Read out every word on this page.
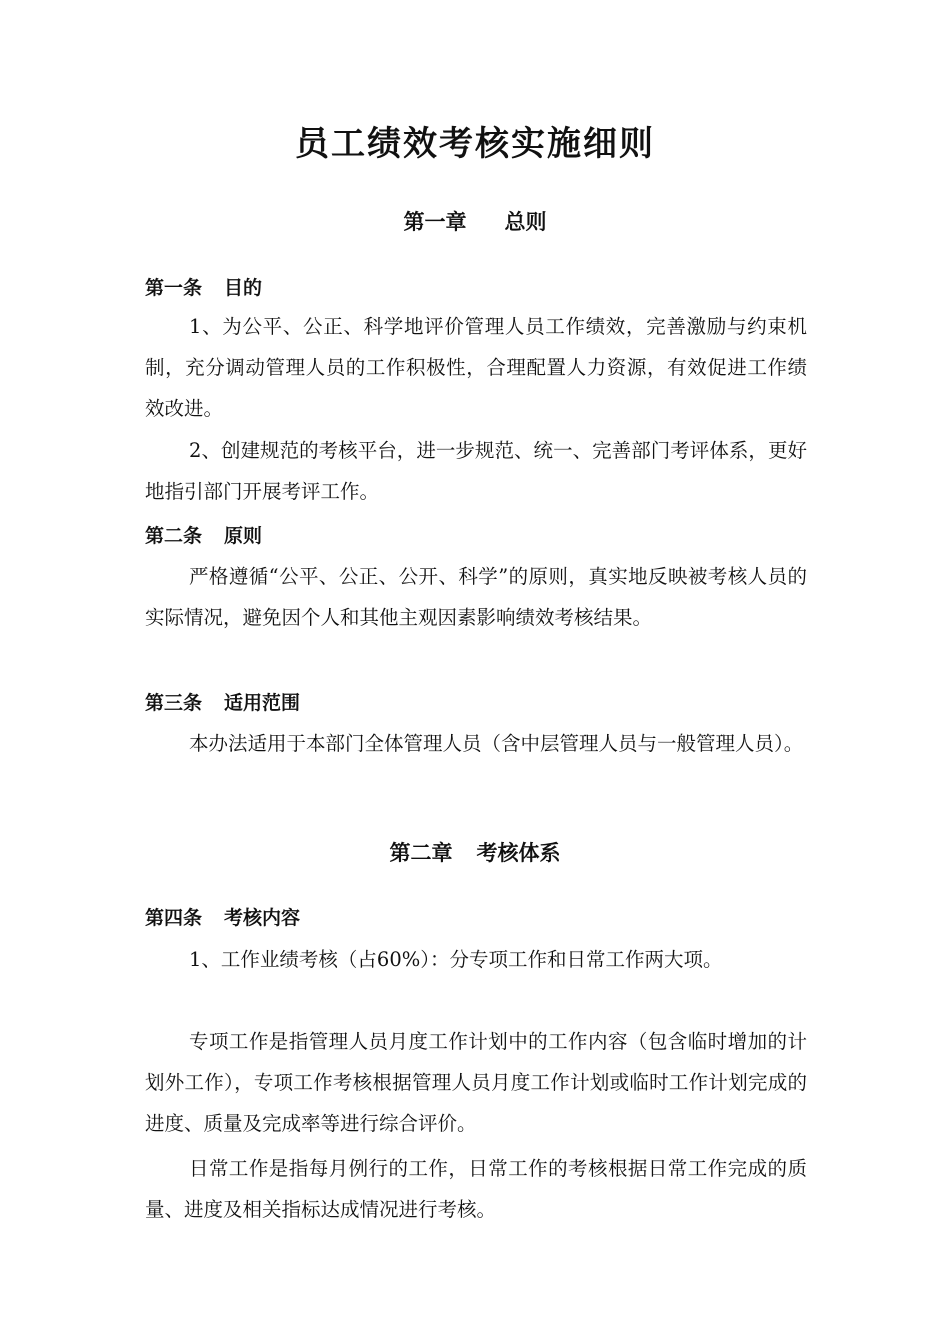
员工绩效考核实施细则
第一章 总则
第一条 目的

1、为公平、公正、科学地评价管理人员工作绩效，完善激励与约束机制，充分调动管理人员的工作积极性，合理配置人力资源，有效促进工作绩效改进。

2、创建规范的考核平台，进一步规范、统一、完善部门考评体系，更好地指引部门开展考评工作。

第二条 原则

严格遵循“公平、公正、公开、科学”的原则，真实地反映被考核人员的实际情况，避免因个人和其他主观因素影响绩效考核结果。

第三条 适用范围

本办法适用于本部门全体管理人员（含中层管理人员与一般管理人员）。

第二章 考核体系
第四条 考核内容

1、工作业绩考核（占60%）：分专项工作和日常工作两大项。

专项工作是指管理人员月度工作计划中的工作内容（包含临时增加的计划外工作），专项工作考核根据管理人员月度工作计划或临时工作计划完成的进度、质量及完成率等进行综合评价。

日常工作是指每月例行的工作，日常工作的考核根据日常工作完成的质量、进度及相关指标达成情况进行考核。
